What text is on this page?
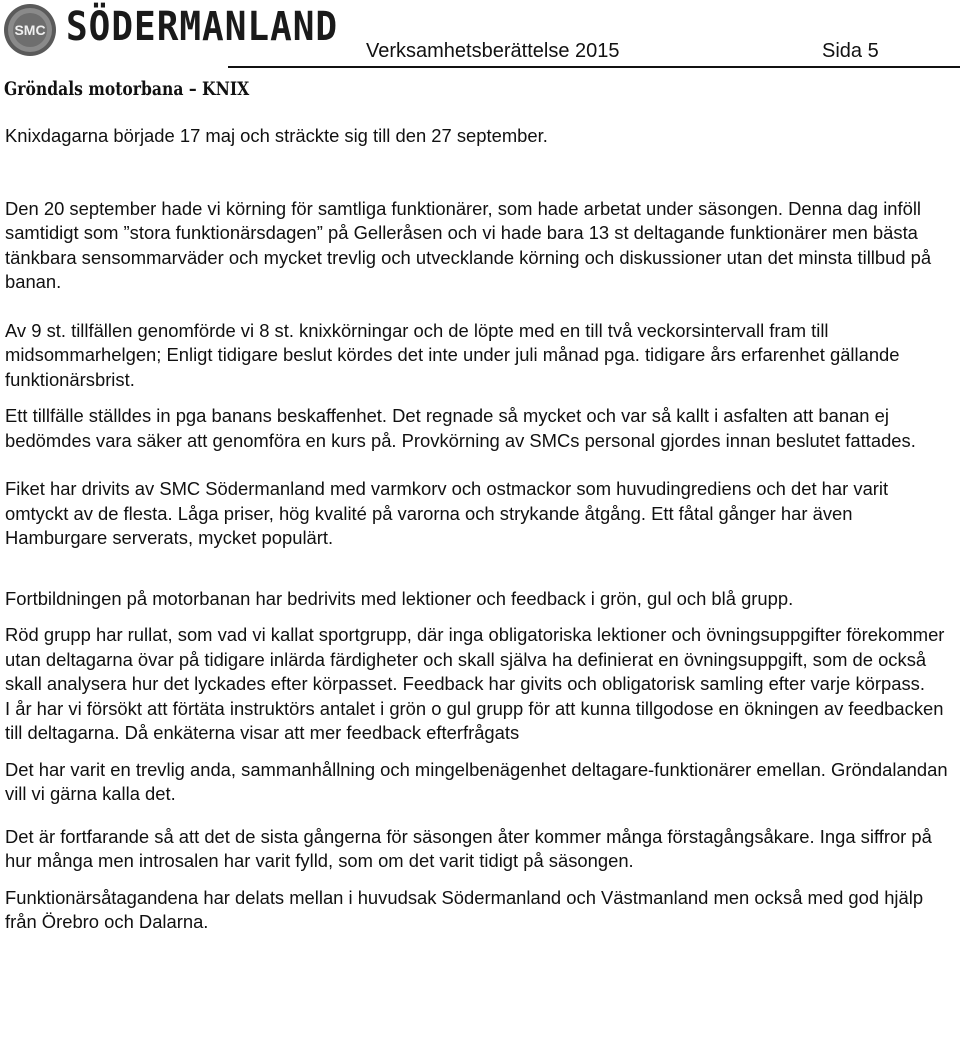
SMC SÖDERMANLAND
Verksamhetsberättelse 2015	Sida 5
Gröndals motorbana – KNIX

Knixdagarna började 17 maj och sträckte sig till den 27 september.

Den 20 september hade vi körning för samtliga funktionärer, som hade arbetat under säsongen. Denna dag inföll samtidigt som ”stora funktionärsdagen” på Gelleråsen och vi hade bara 13 st deltagande funktionärer men bästa tänkbara sensommarväder och mycket trevlig och utvecklande körning och diskussioner utan det minsta tillbud på banan.

Av 9 st. tillfällen genomförde vi 8 st. knixkörningar och de löpte med en till två veckorsintervall fram till midsommarhelgen; Enligt tidigare beslut kördes det inte under juli månad pga. tidigare års erfarenhet gällande funktionärsbrist.

Ett tillfälle ställdes in pga banans beskaffenhet. Det regnade så mycket och var så kallt i asfalten att banan ej bedömdes vara säker att genomföra en kurs på. Provkörning av SMCs personal gjordes innan beslutet fattades.

Fiket har drivits av SMC Södermanland med varmkorv och ostmackor som huvudingrediens och det har varit omtyckt av de flesta. Låga priser, hög kvalité på varorna och strykande åtgång. Ett fåtal gånger har även Hamburgare serverats, mycket populärt.

Fortbildningen på motorbanan har bedrivits med lektioner och feedback i grön, gul och blå grupp.

Röd grupp har rullat, som vad vi kallat sportgrupp, där inga obligatoriska lektioner och övningsuppgifter förekommer utan deltagarna övar på tidigare inlärda färdigheter och skall själva ha definierat en övningsuppgift, som de också skall analysera hur det lyckades efter körpasset. Feedback har givits och obligatorisk samling efter varje körpass.

I år har vi försökt att förtäta instruktörs antalet i grön o gul grupp för att kunna tillgodose en ökningen av feedbacken till deltagarna. Då enkäterna visar att mer feedback efterfrågats

Det har varit en trevlig anda, sammanhållning och mingelbenägenhet deltagare-funktionärer emellan. Gröndalandan vill vi gärna kalla det.

Det är fortfarande så att det de sista gångerna för säsongen åter kommer många förstagångsåkare. Inga siffror på hur många men introsalen har varit fylld, som om det varit tidigt på säsongen.

Funktionärsåtagandena har delats mellan i huvudsak Södermanland och Västmanland men också med god hjälp från Örebro och Dalarna.
